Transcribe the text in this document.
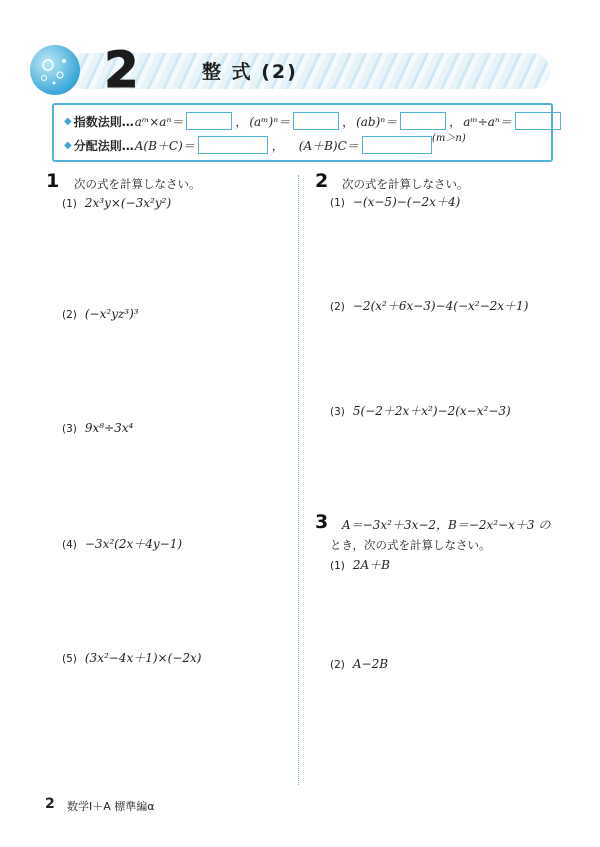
2	整 式 (2)
◆ 指数法則… aᵐ×aⁿ＝	， (aᵐ)ⁿ＝	， (ab)ⁿ＝	， aᵐ÷aⁿ＝
(m＞n)
◆ 分配法則… A(B＋C)＝	， (A＋B)C＝
1 次の式を計算しなさい。
(1) 2x³y×(−3x²y²)
(2) (−x²yz³)³
(3) 9x⁸÷3x⁴
(4) −3x²(2x＋4y−1)
(5) (3x²−4x＋1)×(−2x)
2 次の式を計算しなさい。
(1) −(x−5)−(−2x＋4)
(2) −2(x²＋6x−3)−4(−x²−2x＋1)
(3) 5(−2＋2x＋x²)−2(x−x²−3)
3 A＝−3x²＋3x−2，B＝−2x²−x＋3 の
とき，次の式を計算しなさい。
(1) 2A＋B
(2) A−2B
2 数学Ⅰ＋A 標準編α
